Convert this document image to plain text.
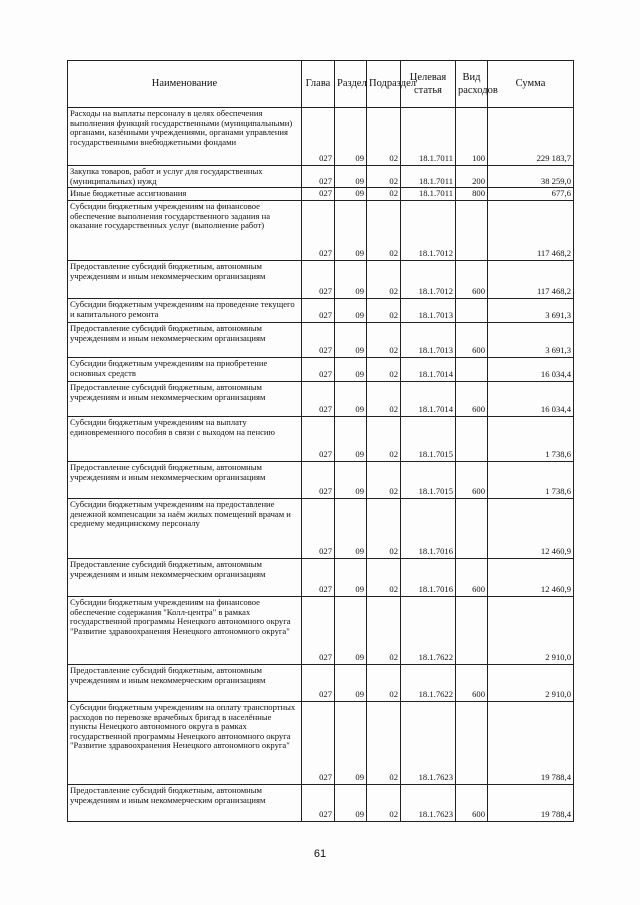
Наименование	Глава	Раздел	Подраздел	Целевая статья	Вид расходов	Сумма
Расходы на выплаты персоналу в целях обеспечения выполнения функций государственными (муниципальными) органами, казёнными учреждениями, органами управления государственными внебюджетными фондами	027	09	02	18.1.7011	100	229 183,7
Закупка товаров, работ и услуг для государственных (муниципальных) нужд	027	09	02	18.1.7011	200	38 259,0
Иные бюджетные ассигнования	027	09	02	18.1.7011	800	677,6
Субсидии бюджетным учреждениям на финансовое обеспечение выполнения государственного задания на оказание государственных услуг (выполнение работ)	027	09	02	18.1.7012		117 468,2
Предоставление субсидий бюджетным, автономным учреждениям и иным некоммерческим организациям	027	09	02	18.1.7012	600	117 468,2
Субсидии бюджетным учреждениям на проведение текущего и капитального ремонта	027	09	02	18.1.7013		3 691,3
Предоставление субсидий бюджетным, автономным учреждениям и иным некоммерческим организациям	027	09	02	18.1.7013	600	3 691,3
Субсидии бюджетным учреждениям на приобретение основных средств	027	09	02	18.1.7014		16 034,4
Предоставление субсидий бюджетным, автономным учреждениям и иным некоммерческим организациям	027	09	02	18.1.7014	600	16 034,4
Субсидии бюджетным учреждениям на выплату единовременного пособия в связи с выходом на пенсию	027	09	02	18.1.7015		1 738,6
Предоставление субсидий бюджетным, автономным учреждениям и иным некоммерческим организациям	027	09	02	18.1.7015	600	1 738,6
Субсидии бюджетным учреждениям на предоставление денежной компенсации за наём жилых помещений врачам и среднему медицинскому персоналу	027	09	02	18.1.7016		12 460,9
Предоставление субсидий бюджетным, автономным учреждениям и иным некоммерческим организациям	027	09	02	18.1.7016	600	12 460,9
Субсидии бюджетным учреждениям на финансовое обеспечение содержания "Колл-центра" в рамках государственной программы Ненецкого автономного округа "Развитие здравоохранения Ненецкого автономного округа"	027	09	02	18.1.7622		2 910,0
Предоставление субсидий бюджетным, автономным учреждениям и иным некоммерческим организациям	027	09	02	18.1.7622	600	2 910,0
Субсидии бюджетным учреждениям на оплату транспортных расходов по перевозке врачебных бригад в населённые пункты Ненецкого автономного округа в рамках государственной программы Ненецкого автономного округа "Развитие здравоохранения Ненецкого автономного округа"	027	09	02	18.1.7623		19 788,4
Предоставление субсидий бюджетным, автономным учреждениям и иным некоммерческим организациям	027	09	02	18.1.7623	600	19 788,4
61
